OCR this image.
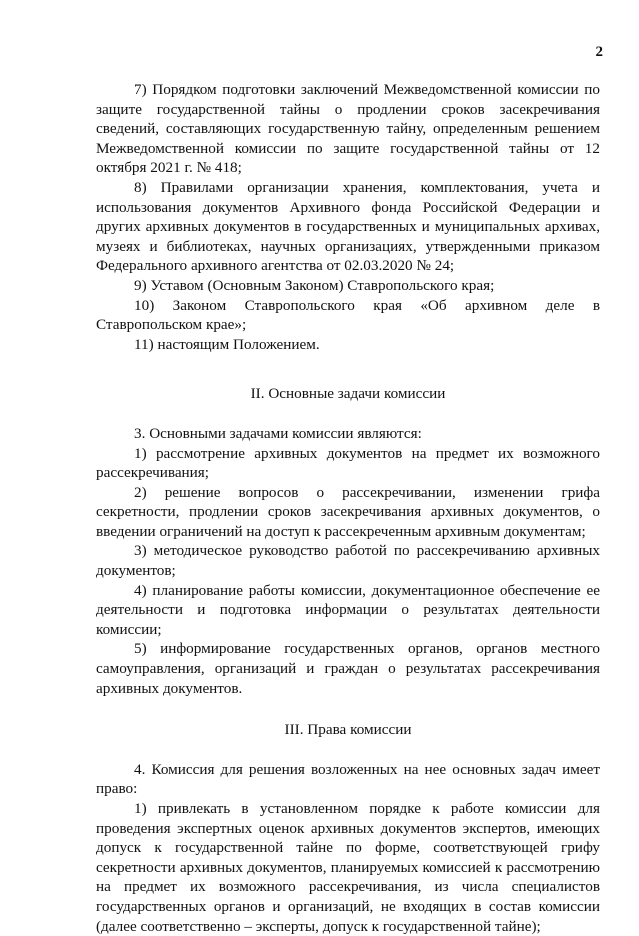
2

7) Порядком подготовки заключений Межведомственной комиссии по защите государственной тайны о продлении сроков засекречивания сведений, составляющих государственную тайну, определенным решением Межведомственной комиссии по защите государственной тайны от 12 октября 2021 г. № 418;

8) Правилами организации хранения, комплектования, учета и использования документов Архивного фонда Российской Федерации и других архивных документов в государственных и муниципальных архивах, музеях и библиотеках, научных организациях, утвержденными приказом Федерального архивного агентства от 02.03.2020 № 24;

9) Уставом (Основным Законом) Ставропольского края;

10) Законом Ставропольского края «Об архивном деле в Ставропольском крае»;

11) настоящим Положением.

II. Основные задачи комиссии

3. Основными задачами комиссии являются:

1) рассмотрение архивных документов на предмет их возможного рассекречивания;

2) решение вопросов о рассекречивании, изменении грифа секретности, продлении сроков засекречивания архивных документов, о введении ограничений на доступ к рассекреченным архивным документам;

3) методическое руководство работой по рассекречиванию архивных документов;

4) планирование работы комиссии, документационное обеспечение ее деятельности и подготовка информации о результатах деятельности комиссии;

5) информирование государственных органов, органов местного самоуправления, организаций и граждан о результатах рассекречивания архивных документов.

III. Права комиссии

4. Комиссия для решения возложенных на нее основных задач имеет право:

1) привлекать в установленном порядке к работе комиссии для проведения экспертных оценок архивных документов экспертов, имеющих допуск к государственной тайне по форме, соответствующей грифу секретности архивных документов, планируемых комиссией к рассмотрению на предмет их возможного рассекречивания, из числа специалистов государственных органов и организаций, не входящих в состав комиссии (далее соответственно – эксперты, допуск к государственной тайне);
